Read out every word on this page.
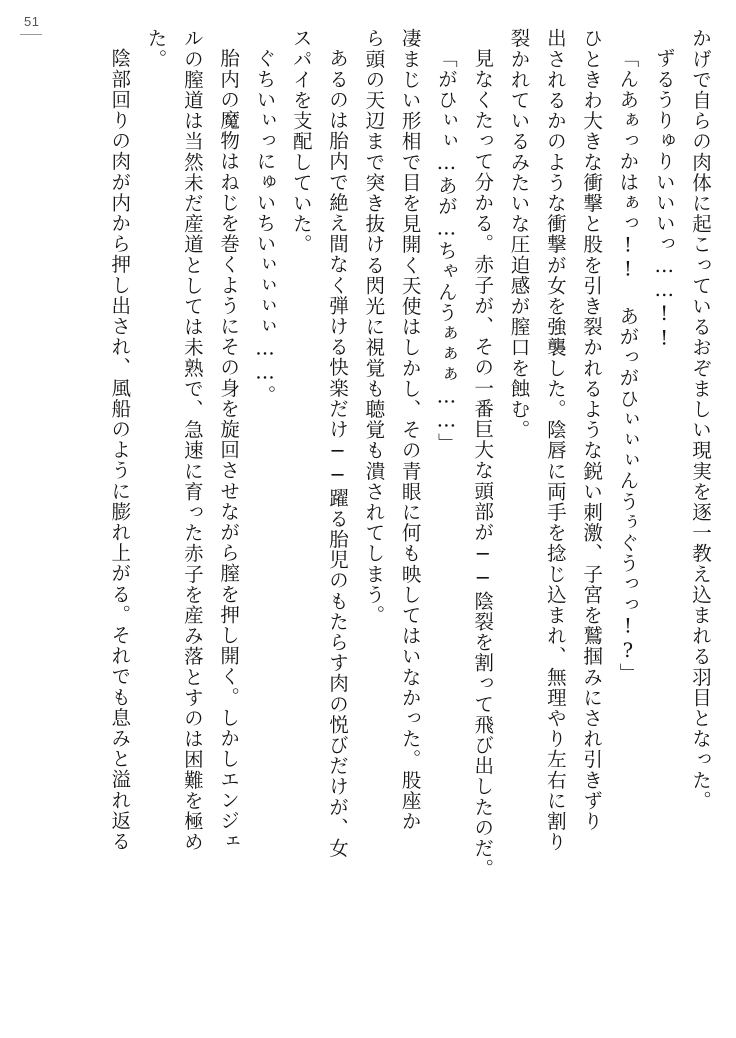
51
かげで自らの肉体に起こっているおぞましい現実を逐一教え込まれる羽目となった。
ずるうりゅりいいいっ……!!
「んあぁっかはぁっ!! あがっがひぃぃぃんうぅぐうっっ!?」
ひときわ大きな衝撃と股を引き裂かれるような鋭い刺激、子宮を鷲掴みにされ引きずり
出されるかのような衝撃が女を強襲した。陰唇に両手を捻じ込まれ、無理やり左右に割り
裂かれているみたいな圧迫感が膣口を蝕む。
見なくたって分かる。赤子が、その一番巨大な頭部が──陰裂を割って飛び出したのだ。
「がひぃぃ…あが…ちゃんうぁぁぁ……」
凄まじい形相で目を見開く天使はしかし、その青眼に何も映してはいなかった。股座か
ら頭の天辺まで突き抜ける閃光に視覚も聴覚も潰されてしまう。
あるのは胎内で絶え間なく弾ける快楽だけ──躍る胎児のもたらす肉の悦びだけが、女
スパイを支配していた。
ぐちいぃっにゅいちいぃぃぃぃ……。
胎内の魔物はねじを巻くようにその身を旋回させながら膣を押し開く。しかしエンジェ
ルの膣道は当然未だ産道としては未熟で、急速に育った赤子を産み落とすのは困難を極め
た。
陰部回りの肉が内から押し出され、風船のように膨れ上がる。それでも息みと溢れ返る
